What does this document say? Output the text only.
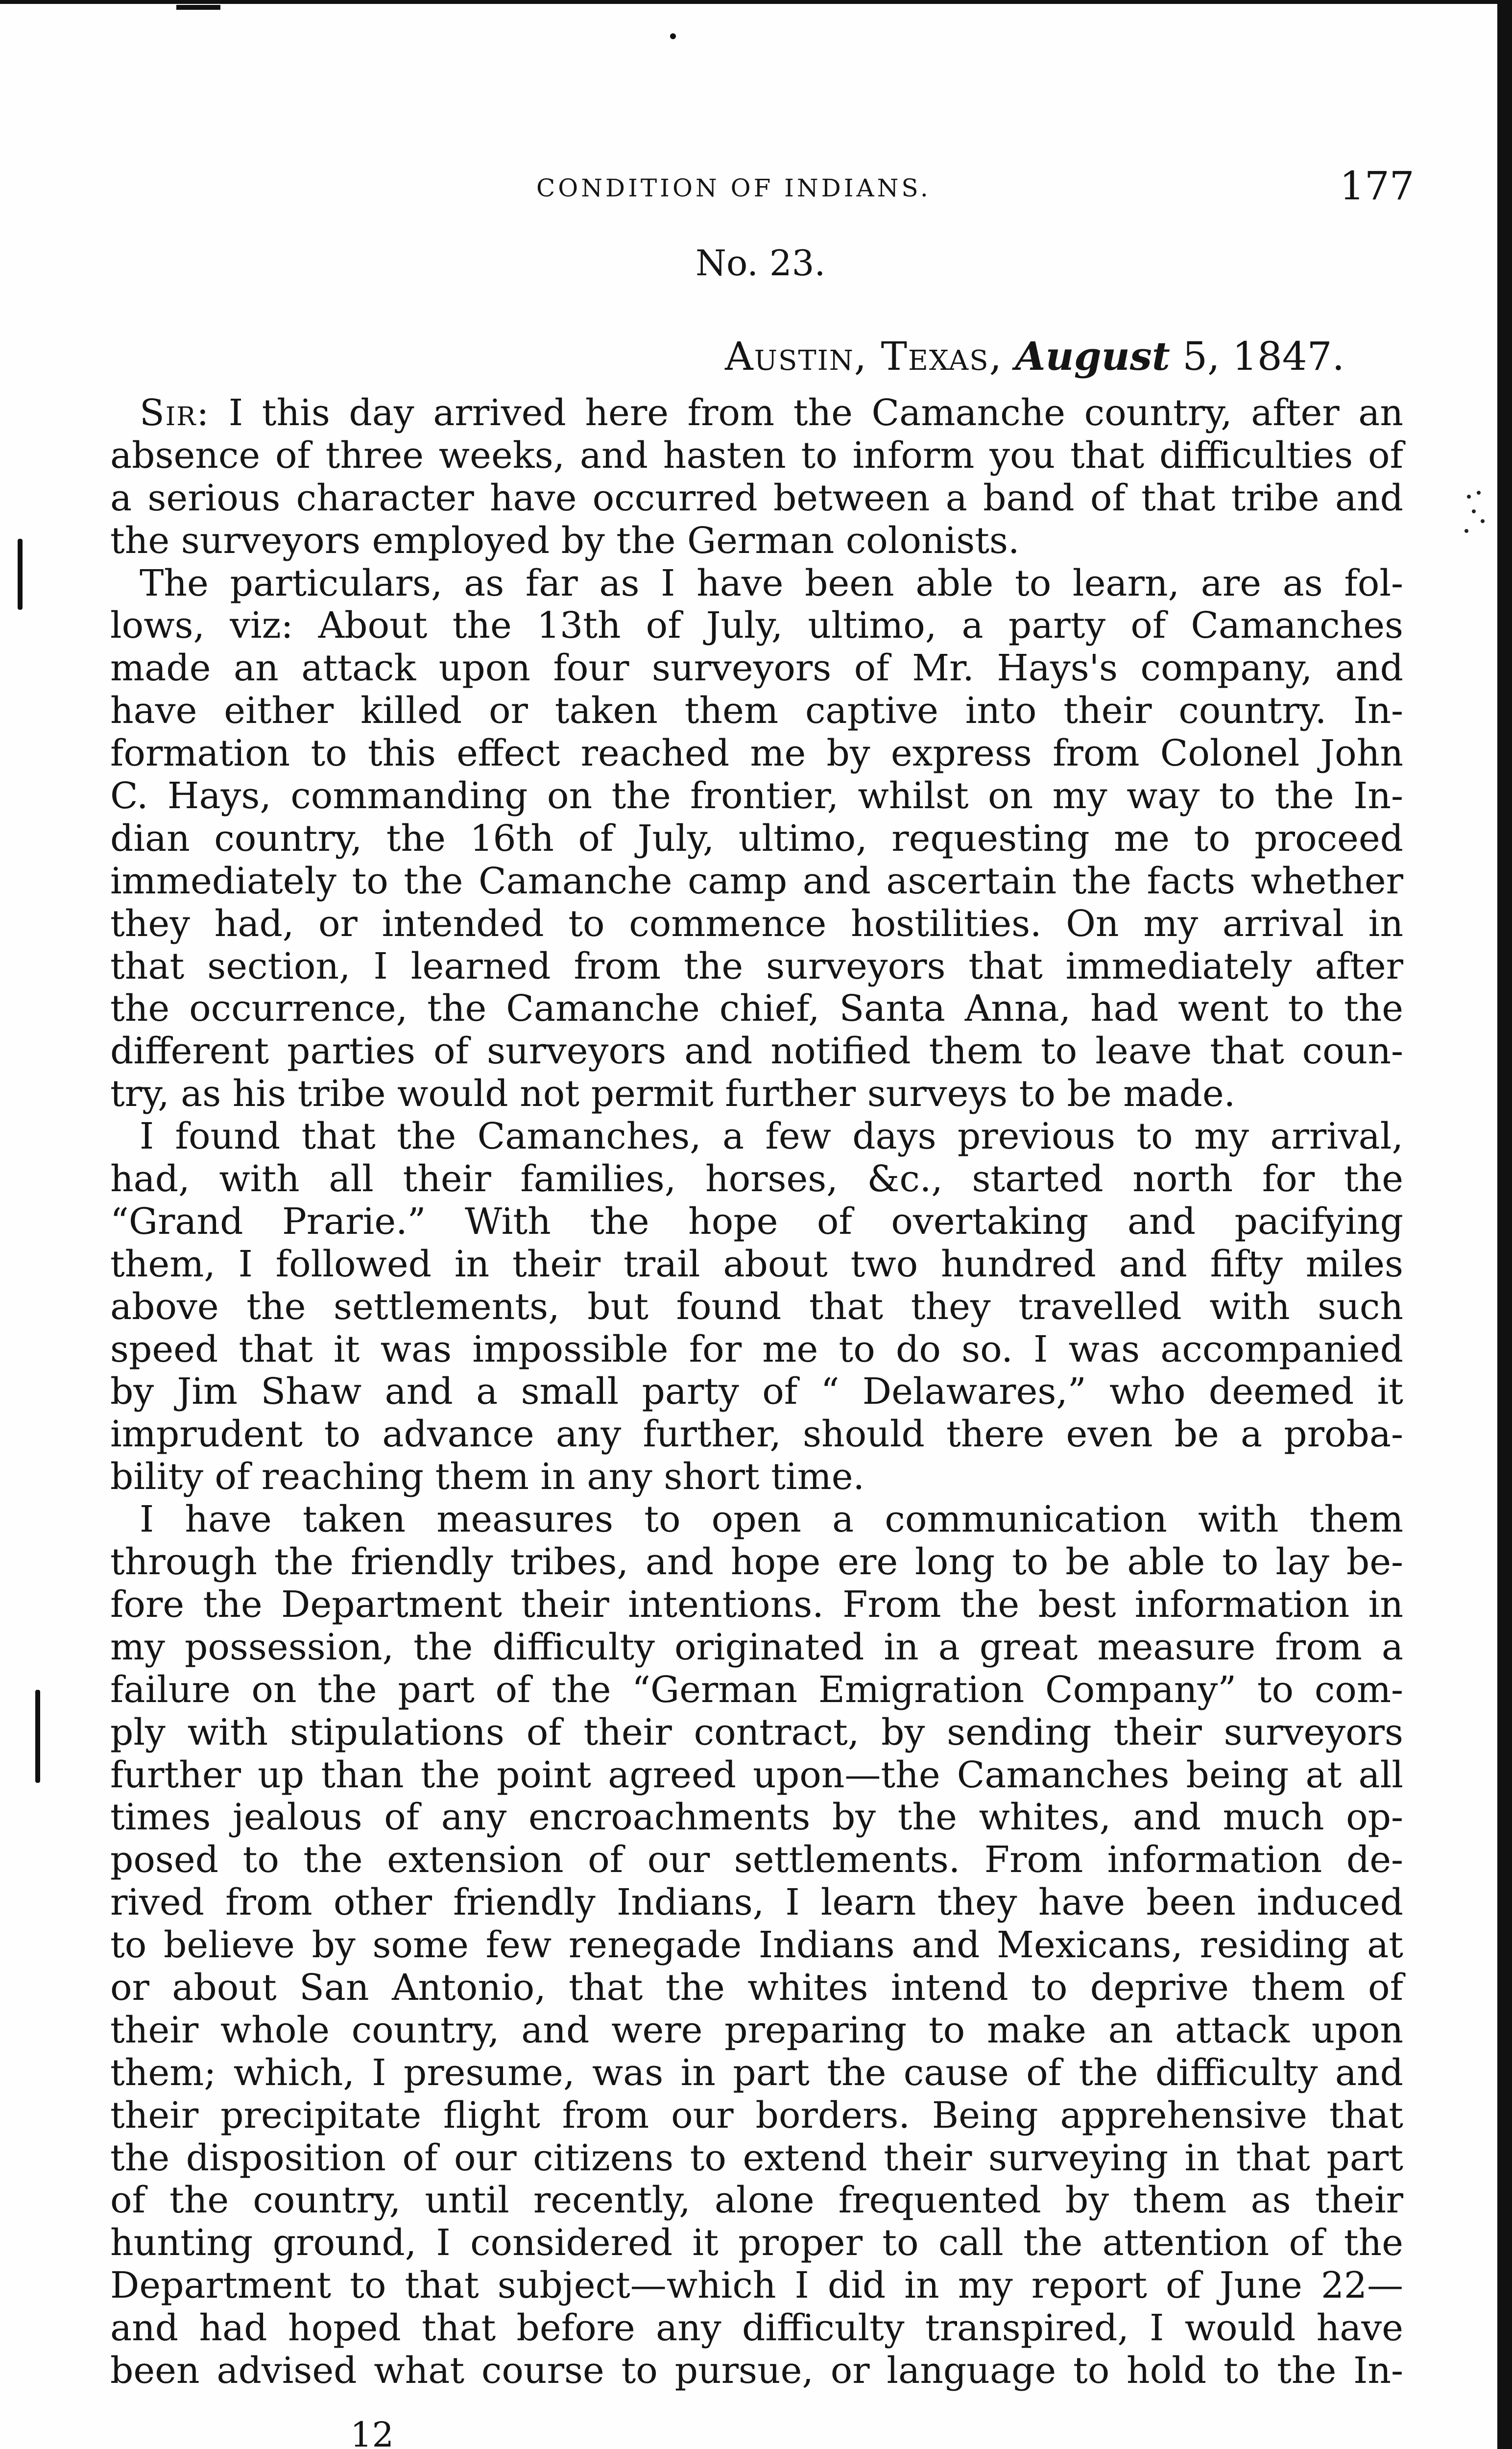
CONDITION OF INDIANS.	177
No. 23.
Austin, Texas, August 5, 1847.
Sir: I this day arrived here from the Camanche country, after an
absence of three weeks, and hasten to inform you that difficulties of
a serious character have occurred between a band of that tribe and
the surveyors employed by the German colonists.
The particulars, as far as I have been able to learn, are as fol-
lows, viz: About the 13th of July, ultimo, a party of Camanches
made an attack upon four surveyors of Mr. Hays's company, and
have either killed or taken them captive into their country. In-
formation to this effect reached me by express from Colonel John
C. Hays, commanding on the frontier, whilst on my way to the In-
dian country, the 16th of July, ultimo, requesting me to proceed
immediately to the Camanche camp and ascertain the facts whether
they had, or intended to commence hostilities. On my arrival in
that section, I learned from the surveyors that immediately after
the occurrence, the Camanche chief, Santa Anna, had went to the
different parties of surveyors and notified them to leave that coun-
try, as his tribe would not permit further surveys to be made.
I found that the Camanches, a few days previous to my arrival,
had, with all their families, horses, &c., started north for the
“Grand Prarie.” With the hope of overtaking and pacifying
them, I followed in their trail about two hundred and fifty miles
above the settlements, but found that they travelled with such
speed that it was impossible for me to do so. I was accompanied
by Jim Shaw and a small party of “ Delawares,” who deemed it
imprudent to advance any further, should there even be a proba-
bility of reaching them in any short time.
I have taken measures to open a communication with them
through the friendly tribes, and hope ere long to be able to lay be-
fore the Department their intentions. From the best information in
my possession, the difficulty originated in a great measure from a
failure on the part of the “German Emigration Company” to com-
ply with stipulations of their contract, by sending their surveyors
further up than the point agreed upon—the Camanches being at all
times jealous of any encroachments by the whites, and much op-
posed to the extension of our settlements. From information de-
rived from other friendly Indians, I learn they have been induced
to believe by some few renegade Indians and Mexicans, residing at
or about San Antonio, that the whites intend to deprive them of
their whole country, and were preparing to make an attack upon
them; which, I presume, was in part the cause of the difficulty and
their precipitate flight from our borders. Being apprehensive that
the disposition of our citizens to extend their surveying in that part
of the country, until recently, alone frequented by them as their
hunting ground, I considered it proper to call the attention of the
Department to that subject—which I did in my report of June 22—
and had hoped that before any difficulty transpired, I would have
been advised what course to pursue, or language to hold to the In-
12
